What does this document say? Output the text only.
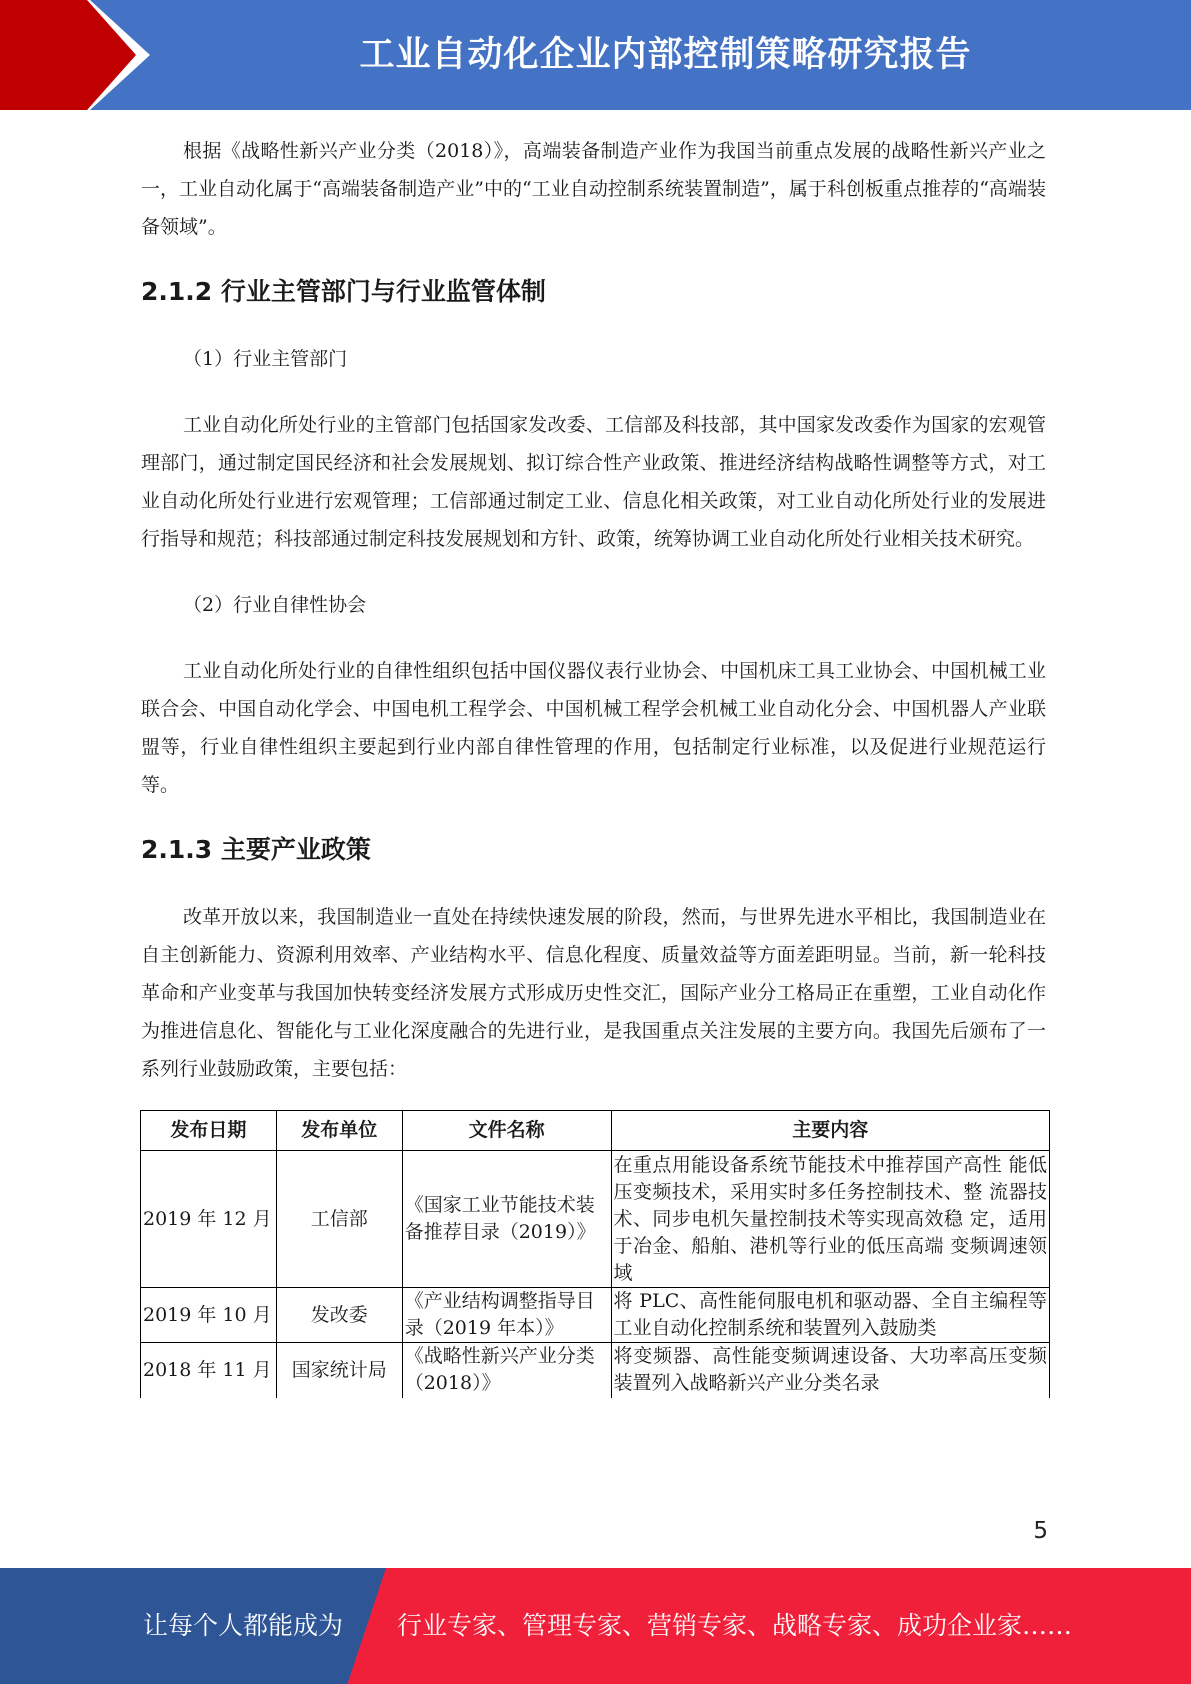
工业自动化企业内部控制策略研究报告

根据《战略性新兴产业分类（2018）》，高端装备制造产业作为我国当前重点发展的战略性新兴产业之一，工业自动化属于“高端装备制造产业”中的“工业自动控制系统装置制造”，属于科创板重点推荐的“高端装备领域”。

2.1.2 行业主管部门与行业监管体制
（1）行业主管部门

工业自动化所处行业的主管部门包括国家发改委、工信部及科技部，其中国家发改委作为国家的宏观管理部门，通过制定国民经济和社会发展规划、拟订综合性产业政策、推进经济结构战略性调整等方式，对工业自动化所处行业进行宏观管理；工信部通过制定工业、信息化相关政策，对工业自动化所处行业的发展进行指导和规范；科技部通过制定科技发展规划和方针、政策，统筹协调工业自动化所处行业相关技术研究。

（2）行业自律性协会

工业自动化所处行业的自律性组织包括中国仪器仪表行业协会、中国机床工具工业协会、中国机械工业联合会、中国自动化学会、中国电机工程学会、中国机械工程学会机械工业自动化分会、中国机器人产业联盟等，行业自律性组织主要起到行业内部自律性管理的作用，包括制定行业标准，以及促进行业规范运行等。

2.1.3 主要产业政策

改革开放以来，我国制造业一直处在持续快速发展的阶段，然而，与世界先进水平相比，我国制造业在自主创新能力、资源利用效率、产业结构水平、信息化程度、质量效益等方面差距明显。当前，新一轮科技革命和产业变革与我国加快转变经济发展方式形成历史性交汇，国际产业分工格局正在重塑，工业自动化作为推进信息化、智能化与工业化深度融合的先进行业，是我国重点关注发展的主要方向。我国先后颁布了一系列行业鼓励政策，主要包括：

发布日期	发布单位	文件名称	主要内容
2019 年 12 月	工信部	《国家工业节能技术装备推荐目录（2019）》	在重点用能设备系统节能技术中推荐国产高性 能低压变频技术，采用实时多任务控制技术、整 流器技术、同步电机矢量控制技术等实现高效稳 定，适用于冶金、船舶、港机等行业的低压高端 变频调速领域
2019 年 10 月	发改委	《产业结构调整指导目录（2019 年本）》	将 PLC、高性能伺服电机和驱动器、全自主编程等工业自动化控制系统和装置列入鼓励类
2018 年 11 月	国家统计局	《战略性新兴产业分类（2018）》	将变频器、高性能变频调速设备、大功率高压变频装置列入战略新兴产业分类名录
5
让每个人都能成为 行业专家、管理专家、营销专家、战略专家、成功企业家……
